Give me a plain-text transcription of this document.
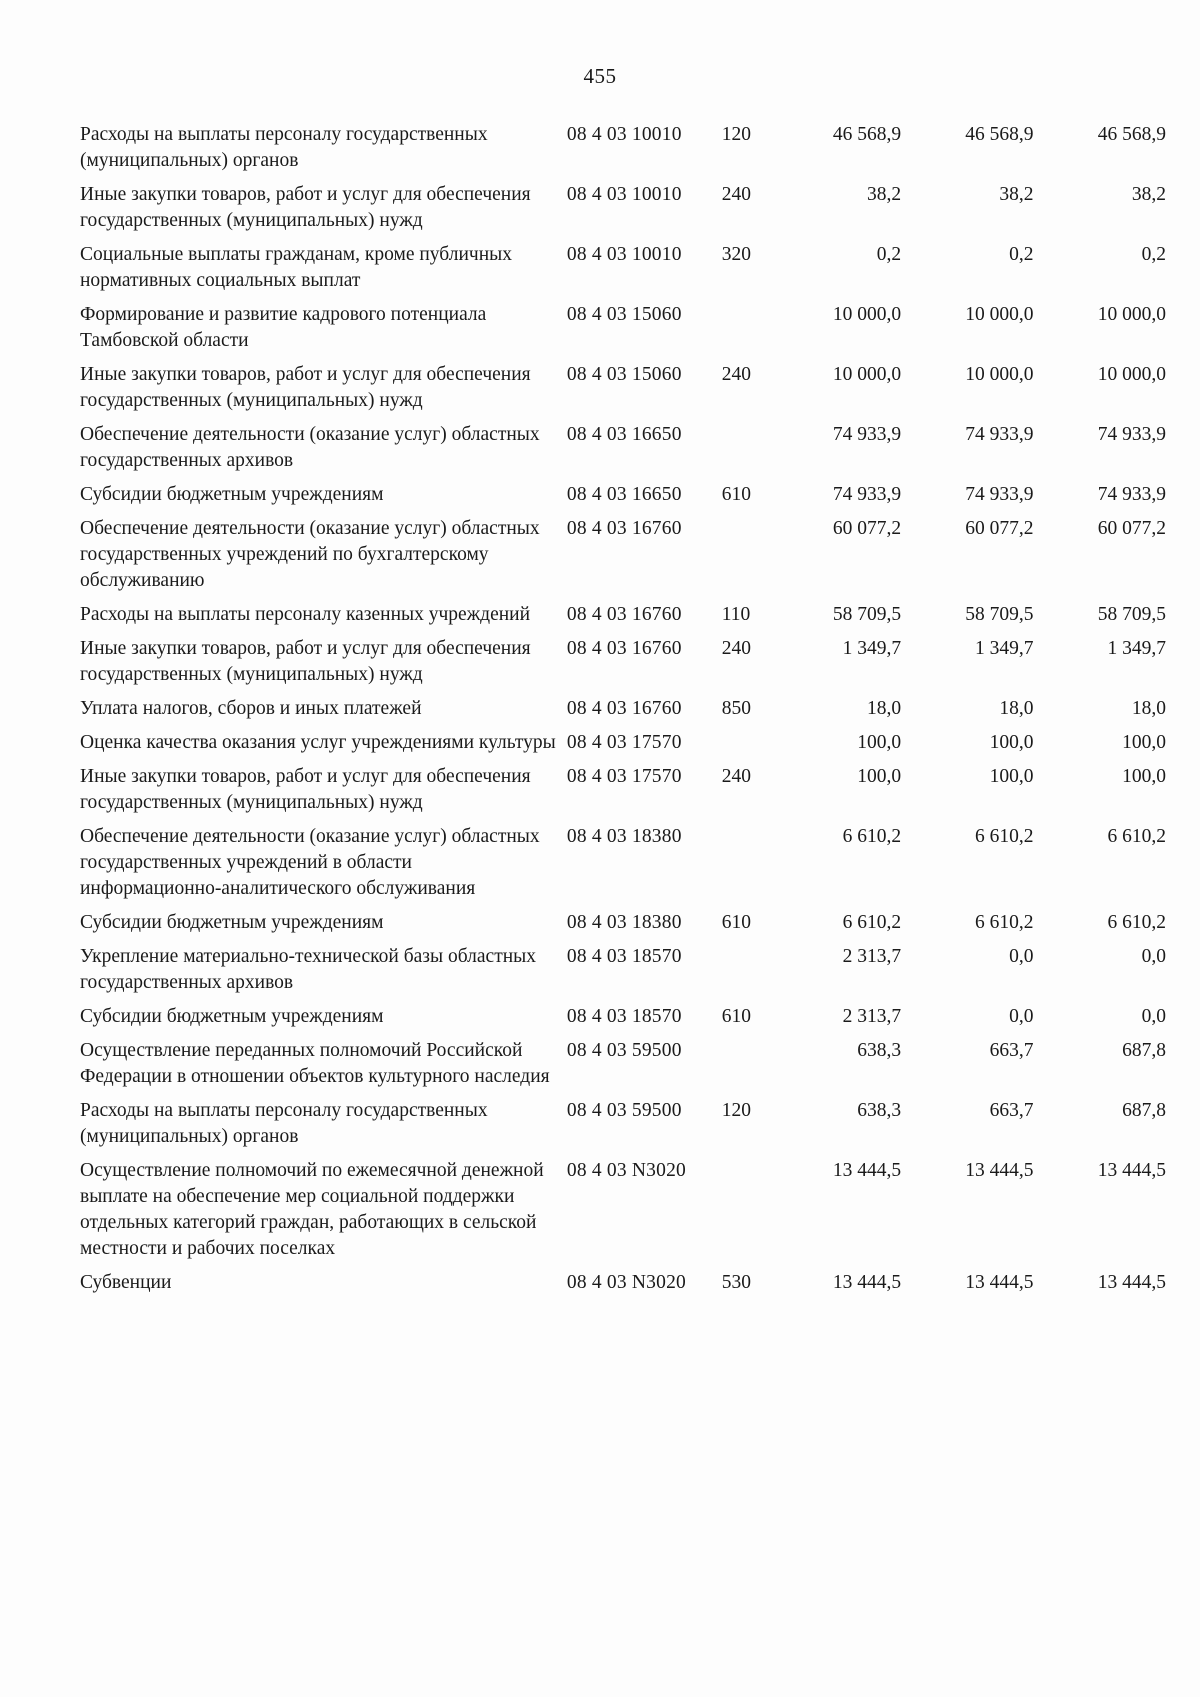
455
Расходы на выплаты персоналу государственных (муниципальных) органов	08 4 03 10010	120	46 568,9	46 568,9	46 568,9
Иные закупки товаров, работ и услуг для обеспечения государственных (муниципальных) нужд	08 4 03 10010	240	38,2	38,2	38,2
Социальные выплаты гражданам, кроме публичных нормативных социальных выплат	08 4 03 10010	320	0,2	0,2	0,2
Формирование и развитие кадрового потенциала Тамбовской области	08 4 03 15060		10 000,0	10 000,0	10 000,0
Иные закупки товаров, работ и услуг для обеспечения государственных (муниципальных) нужд	08 4 03 15060	240	10 000,0	10 000,0	10 000,0
Обеспечение деятельности (оказание услуг) областных государственных архивов	08 4 03 16650		74 933,9	74 933,9	74 933,9
Субсидии бюджетным учреждениям	08 4 03 16650	610	74 933,9	74 933,9	74 933,9
Обеспечение деятельности (оказание услуг) областных государственных учреждений по бухгалтерскому обслуживанию	08 4 03 16760		60 077,2	60 077,2	60 077,2
Расходы на выплаты персоналу казенных учреждений	08 4 03 16760	110	58 709,5	58 709,5	58 709,5
Иные закупки товаров, работ и услуг для обеспечения государственных (муниципальных) нужд	08 4 03 16760	240	1 349,7	1 349,7	1 349,7
Уплата налогов, сборов и иных платежей	08 4 03 16760	850	18,0	18,0	18,0
Оценка качества оказания услуг учреждениями культуры	08 4 03 17570		100,0	100,0	100,0
Иные закупки товаров, работ и услуг для обеспечения государственных (муниципальных) нужд	08 4 03 17570	240	100,0	100,0	100,0
Обеспечение деятельности (оказание услуг) областных государственных учреждений в области информационно-аналитического обслуживания	08 4 03 18380		6 610,2	6 610,2	6 610,2
Субсидии бюджетным учреждениям	08 4 03 18380	610	6 610,2	6 610,2	6 610,2
Укрепление материально-технической базы областных государственных архивов	08 4 03 18570		2 313,7	0,0	0,0
Субсидии бюджетным учреждениям	08 4 03 18570	610	2 313,7	0,0	0,0
Осуществление переданных полномочий Российской Федерации в отношении объектов культурного наследия	08 4 03 59500		638,3	663,7	687,8
Расходы на выплаты персоналу государственных (муниципальных) органов	08 4 03 59500	120	638,3	663,7	687,8
Осуществление полномочий по ежемесячной денежной выплате на обеспечение мер социальной поддержки отдельных категорий граждан, работающих в сельской местности и рабочих поселках	08 4 03 N3020		13 444,5	13 444,5	13 444,5
Субвенции	08 4 03 N3020	530	13 444,5	13 444,5	13 444,5
